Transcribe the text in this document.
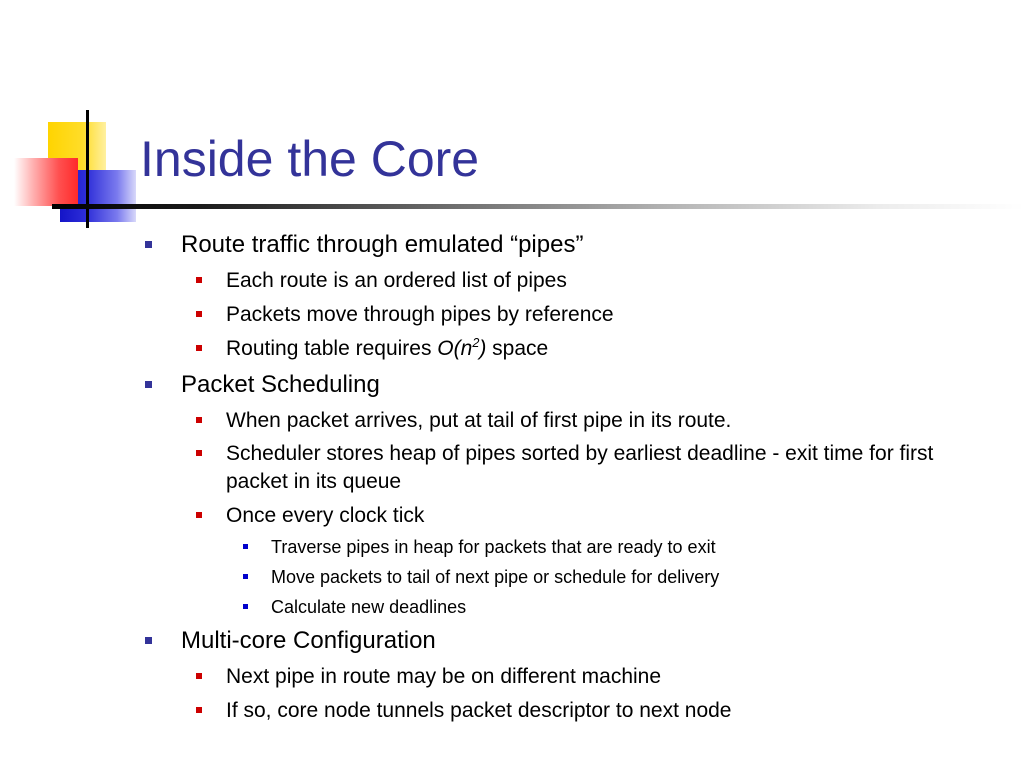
Inside the Core
Route traffic through emulated “pipes”
Each route is an ordered list of pipes
Packets move through pipes by reference
Routing table requires $O(n^2)$ space
Packet Scheduling
When packet arrives, put at tail of first pipe in its route.
Scheduler stores heap of pipes sorted by earliest deadline - exit time for first packet in its queue
Once every clock tick
Traverse pipes in heap for packets that are ready to exit
Move packets to tail of next pipe or schedule for delivery
Calculate new deadlines
Multi-core Configuration
Next pipe in route may be on different machine
If so, core node tunnels packet descriptor to next node
